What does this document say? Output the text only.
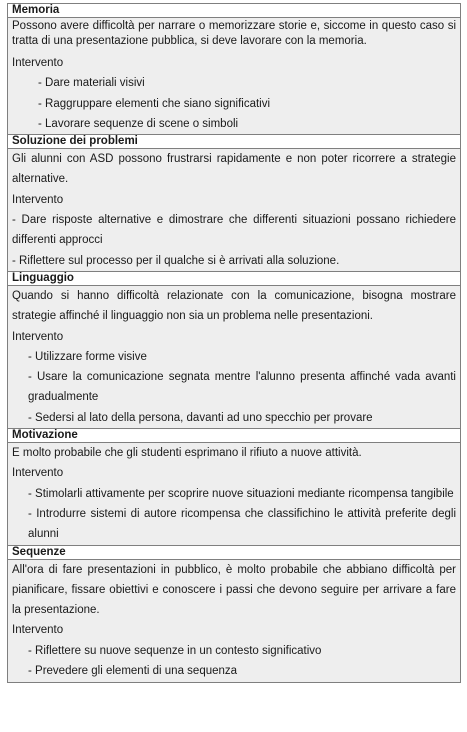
Memoria
Possono avere difficoltà per narrare o memorizzare storie e, siccome in questo caso si tratta di una presentazione pubblica, si deve lavorare con la memoria.
Intervento
- Dare materiali visivi
- Raggruppare elementi che siano significativi
- Lavorare sequenze di scene o simboli
Soluzione dei problemi
Gli alunni con ASD possono frustrarsi rapidamente e non poter ricorrere a strategie alternative.
Intervento
- Dare risposte alternative e dimostrare che differenti situazioni possano richiedere differenti approcci
- Riflettere sul processo per il qualche si è arrivati alla soluzione.
Linguaggio
Quando si hanno difficoltà relazionate con la comunicazione, bisogna mostrare strategie affinché il linguaggio non sia un problema nelle presentazioni.
Intervento
- Utilizzare forme visive
- Usare la comunicazione segnata mentre l'alunno presenta affinché vada avanti gradualmente
- Sedersi al lato della persona, davanti ad uno specchio per provare
Motivazione
E molto probabile che gli studenti esprimano il rifiuto a nuove attività.
Intervento
- Stimolarli attivamente per scoprire nuove situazioni mediante ricompensa tangibile
- Introdurre sistemi di autore ricompensa che classifichino le attività preferite degli alunni
Sequenze
All'ora di fare presentazioni in pubblico, è molto probabile che abbiano difficoltà per pianificare, fissare obiettivi e conoscere i passi che devono seguire per arrivare a fare la presentazione.
Intervento
- Riflettere su nuove sequenze in un contesto significativo
- Prevedere gli elementi di una sequenza
